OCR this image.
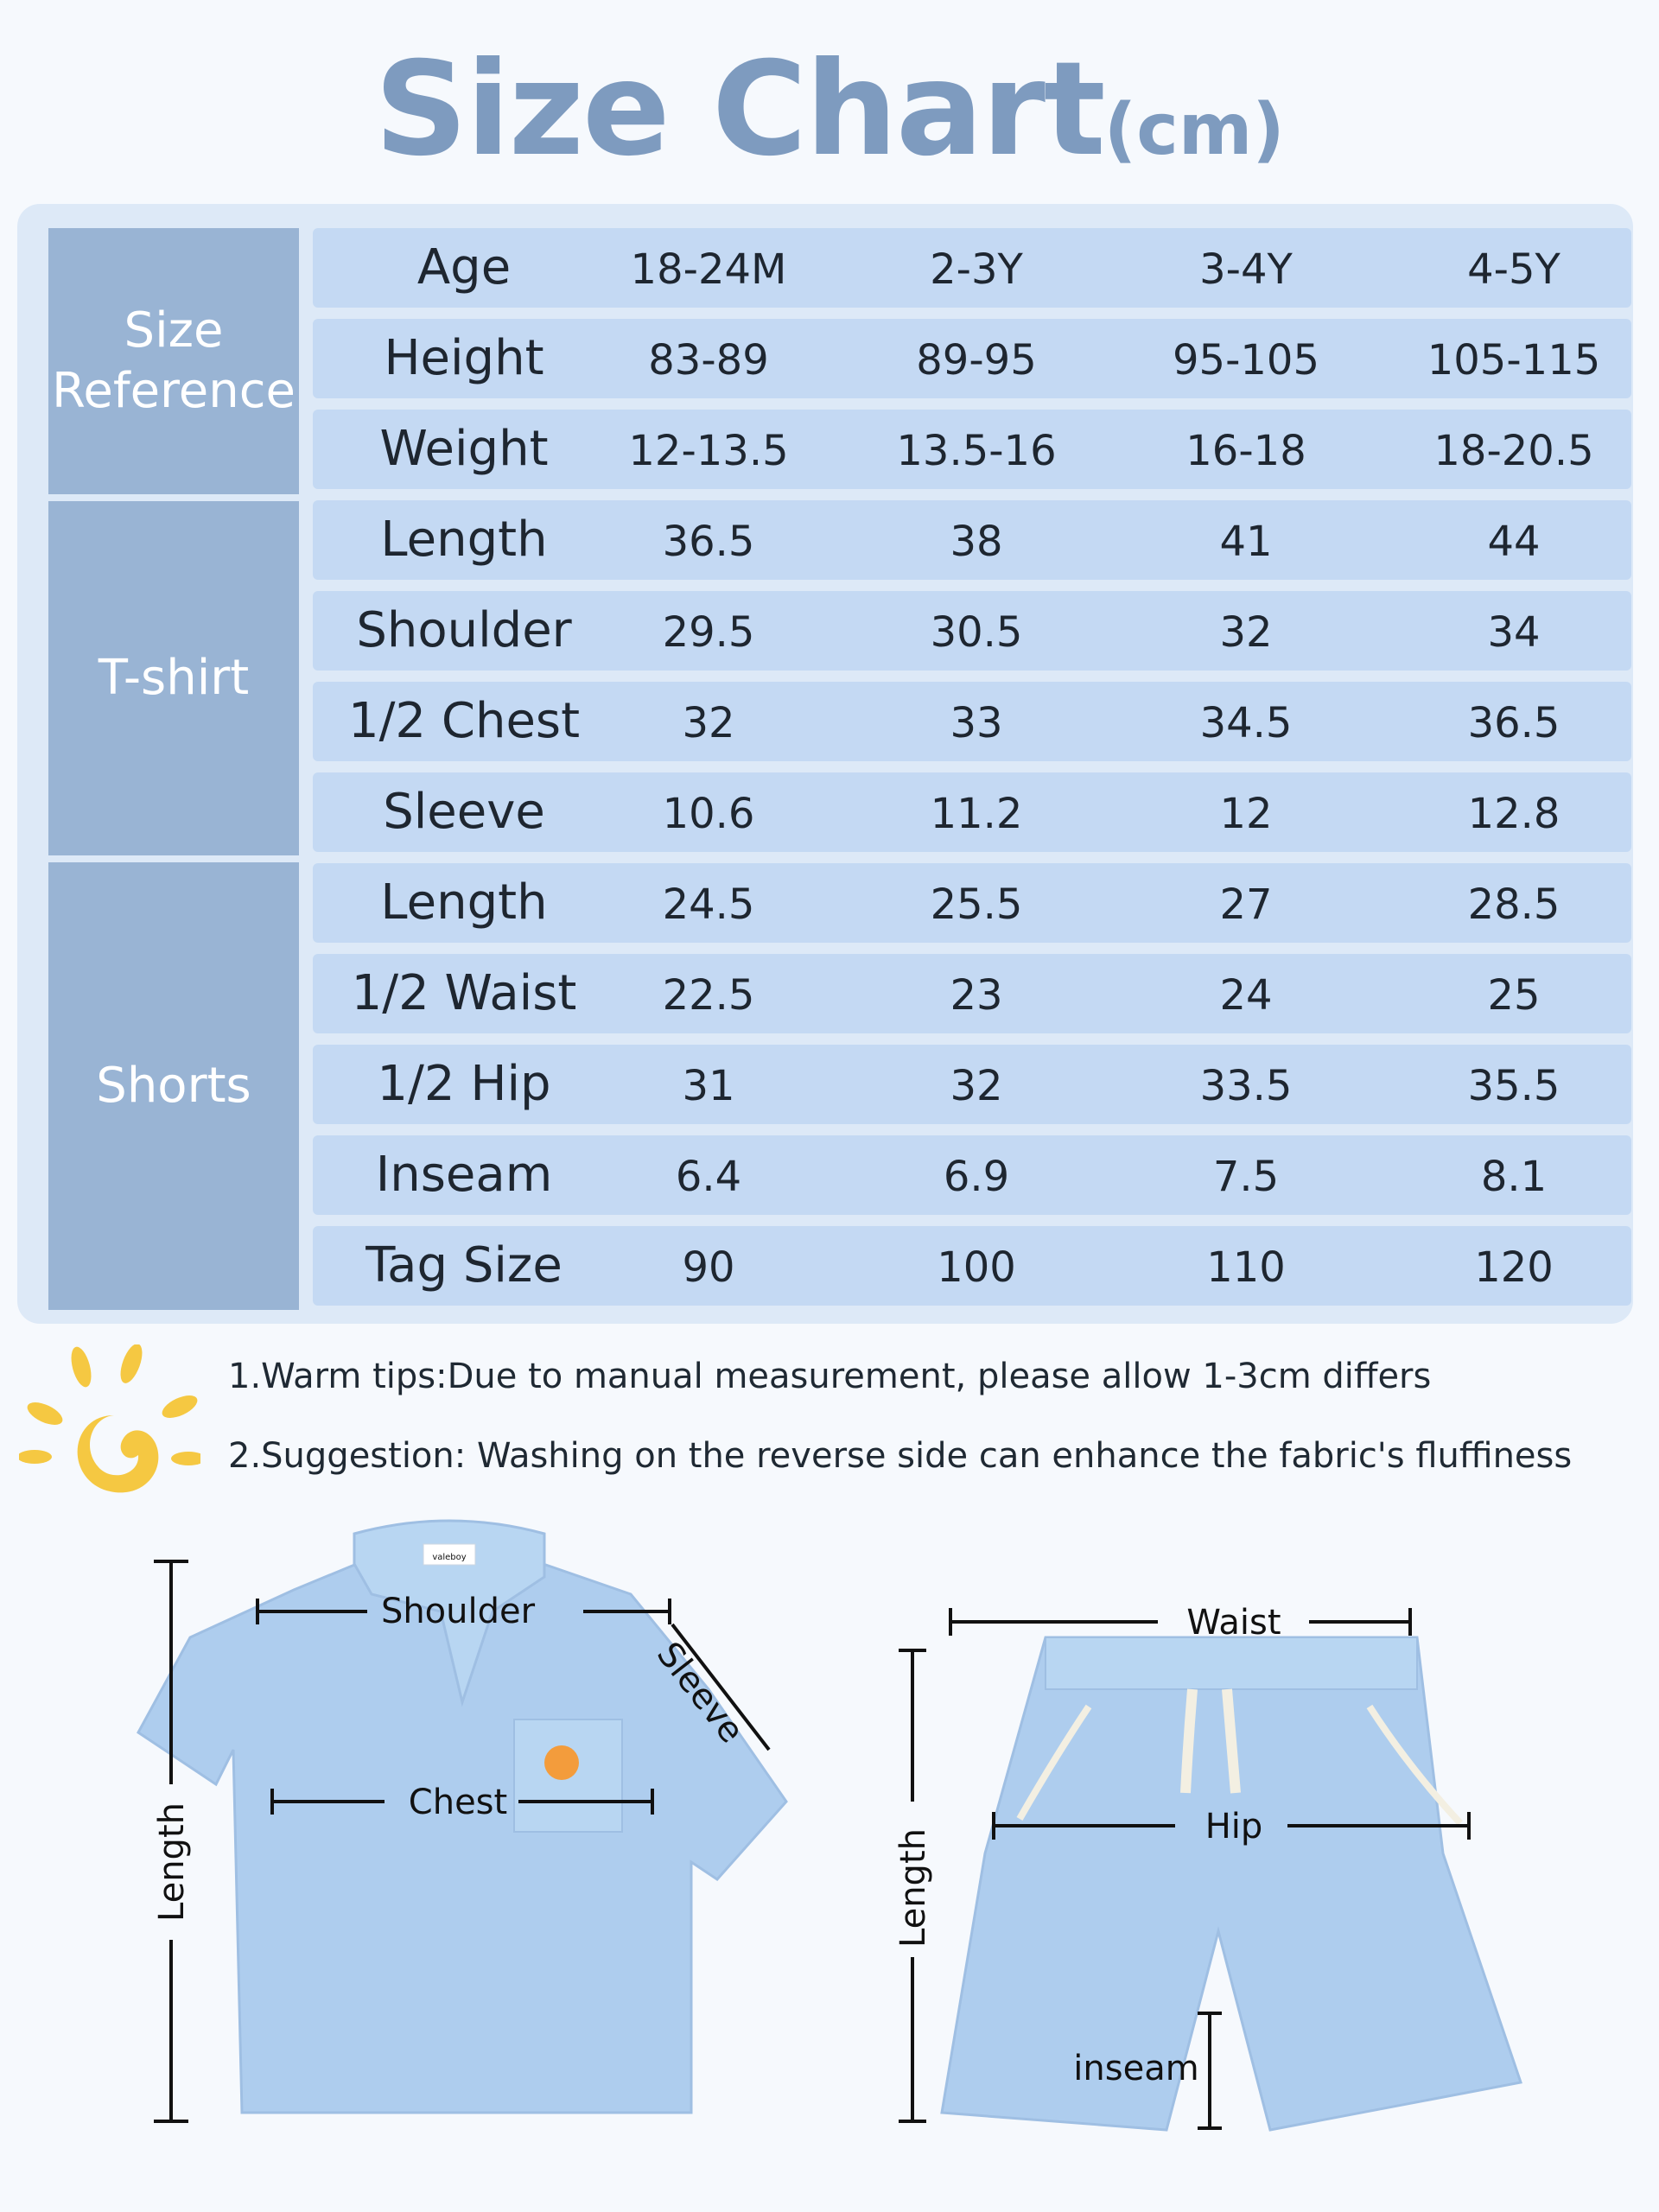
Size Chart(cm)
Size
Reference
T-shirt
Shorts
Age	18-24M	2-3Y	3-4Y	4-5Y
Height	83-89	89-95	95-105	105-115
Weight	12-13.5	13.5-16	16-18	18-20.5
Length	36.5	38	41	44
Shoulder	29.5	30.5	32	34
1/2 Chest	32	33	34.5	36.5
Sleeve	10.6	11.2	12	12.8
Length	24.5	25.5	27	28.5
1/2 Waist	22.5	23	24	25
1/2 Hip	31	32	33.5	35.5
Inseam	6.4	6.9	7.5	8.1
Tag Size	90	100	110	120
1.Warm tips:Due to manual measurement, please allow 1-3cm differs
2.Suggestion: Washing on the reverse side can enhance the fabric's fluffiness
valeboy
Length
Shoulder
Chest
Sleeve
Waist
Hip
Length
inseam
